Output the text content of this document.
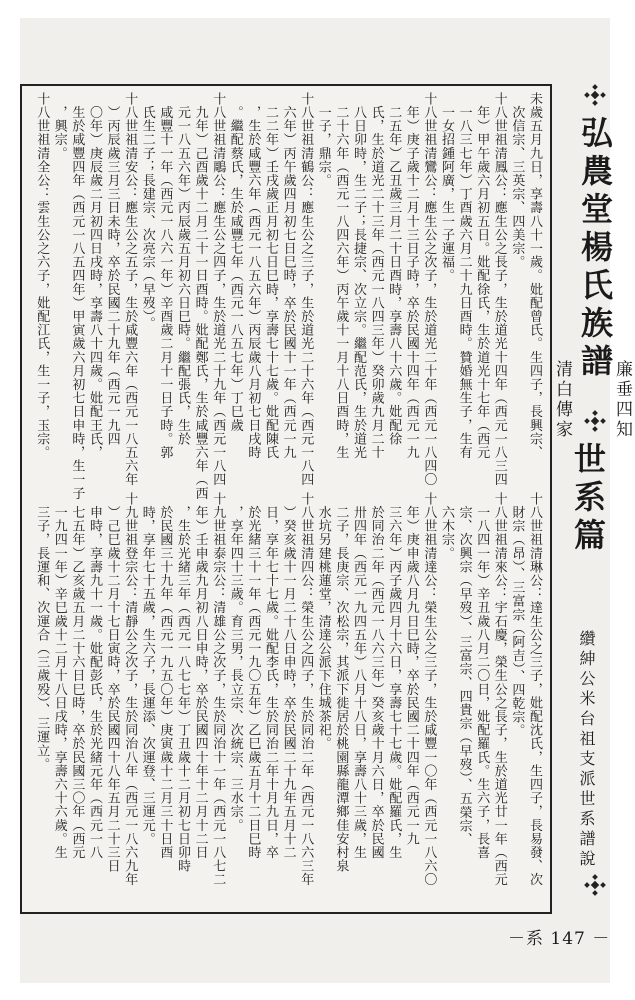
弘農堂楊氏族譜

廉垂四知

清白傳家

世系篇
纘紳公米台祖支派世系譜說
未歲五月九日，享壽八十一歲。妣配曾氏。生四子，長興宗、
　次信宗、三英宗、四美宗。
十八世祖清鳳公：應生公之長子，生於道光十四年（西元一八三四
　年）甲午歲六月初五日。妣配徐氏，生於道光十七年（西元
　一八三七年）丁酉歲六月二十九日酉時。贊婚無生子，生有
　一女招鍾阿廣，生一子運福。
十八世祖清鸞公：應生公之次子，生於道光二十年（西元一八四〇
　年）庚子歲十二月十三日子時，卒於民國十四年（西元一九
　二五年）乙丑歲三月二十日酉時，享壽八十六歲。妣配徐
　氏，生於道光二十三年（西元一八四三年）癸卯歲九月二十
　八日卯時，生二子；長捷宗、次立宗。繼配范氏，生於道光
　二十六年（西元一八四六年）丙午歲十一月十八日酉時，生
　一子，鼎宗。
十八世祖清鶴公：應生公之三子，生於道光二十六年（西元一八四
　六年）丙午歲四月初七日巳時，卒於民國十一年（西元一九
　二二年）壬戌歲正月初七日巳時，享壽七十七歲。妣配陳氏
　，生於咸豐六年（西元一八五六年）丙辰歲八月初七日戌時
　。繼配蔡氏，生於咸豐七年（西元一八五七年）丁巳歲
十八世祖清鵰公：應生公之四子，生於道光二十九年（西元一八四
　九年）己酉歲十二月二十一日酉時。妣配鄭氏，生於咸豐六年（西
　元一八五六年）丙辰歲五月初六日巳時。繼配張氏，生於
　咸豐十一年（西元一八六一年）辛酉歲二月十一日子時。郭
　氏生二子；長建宗、次亮宗（早歿）。
十八世祖清安公：應生公之五子，生於咸豐六年（西元一八五六年
　）丙辰歲三月三日未時，卒於民國二十九年（西元一九四
　〇年）庚辰歲二月初四日戌時，享壽八十四歲。妣配王氏，
　生於咸豐四年（西元一八五四年）甲寅歲六月初七日申時，生一子
　，興宗。
十八世祖清全公：雲生公之六子，妣配江氏，生一子，玉宗。
十八世祖清琳公：達生公之三子，妣配沈氏，生四子，長易發、次
　財宗（昂）、三富宗（阿吉）、四乾宗。
十八世祖清來公：宇石慶，榮生公之長子，生於道光廿一年（西元
　一八四一年）辛丑歲八月二〇日，妣配羅氏。生六子，長喜
　宗、次興宗（早歿）、三富宗、四貴宗（早歿）、五榮宗、
　六木宗。
十八世祖清達公：榮生公之三子，生於咸豐一〇年（西元一八六〇
　年）庚申歲八月九日巳時，卒於民國二十四年（西元一九
　三六年）丙子歲四月十六日，享壽七十七歲。妣配羅氏，生
　於同治二年（西元一八六三年）癸亥歲十月六日，卒於民國
　卅四年（西元一九四五年）八月十八日，享壽八十三歲，生
　二子，長庚宗、次松宗，其派下徙居於桃園縣龍潭鄉佳安村泉
　水坑另建桃蓮堂，清達公派下住城茶祀。
十八世祖清四公：榮生公之四子，生於同治二年（西元一八六三年
　）癸亥歲十一月二十八日申時，卒於民國二十九年五月十二
　日，享年七十七歲。妣配李氏，生於同治二年十月九日，卒
　於光緒三十一年（西元一九〇五年）乙巳歲五月十二日巳時
　，享年四十三歲。育三男，長立宗、次統宗、三水宗。
十九世祖泰宗公：清雄公之次子，生於同治十一年（西元一八七二
　年）壬申歲九月初八日申時，卒於民國四十年十二月十二日
　，生於光緒三年（西元一八七七年）丁丑歲十二月初七日卯時
　於民國三十九年（西元一九五〇年）庚寅歲十二月三十日酉
　時，享年七十五歲，生六子，長運添、次運登、三運元。
十九世祖登宗公：清靜公之次子，生於同治八年（西元一八六九年
　）己巳歲十二月十七日寅時，卒於民國四十八年五月二十三日
　申時，享壽九十一歲。妣配彭氏，生於光緒元年（西元一八
　七五年）乙亥歲五月二十六日巳時，卒於民國三〇年（西元
　一九四一年）辛巳歲十二月十八日戌時，享壽六十六歲。生
　三子，長運和、次運合（三歲殁）、三運立。
－系 147 －
